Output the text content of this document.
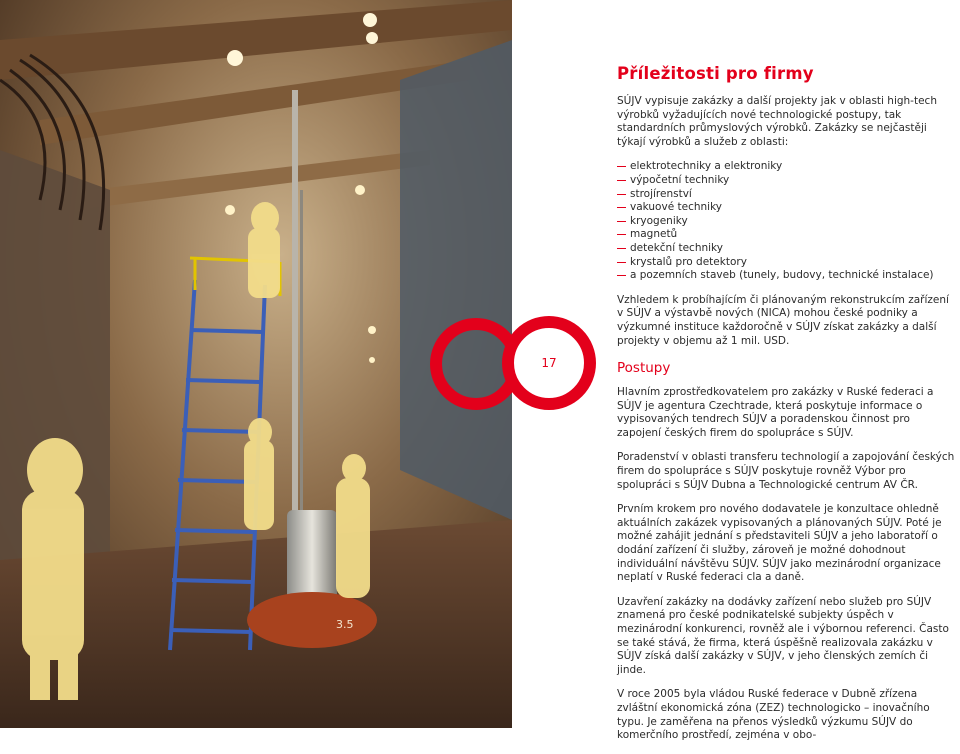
3.5
17
Příležitosti pro firmy

SÚJV vypisuje zakázky a další projekty jak v oblasti high-tech výrobků vyžadujících nové technologické postupy, tak standardních průmyslových výrobků. Zakázky se nejčastěji týkají výrobků a služeb z oblasti:

elektrotechniky a elektroniky
výpočetní techniky
strojírenství
vakuové techniky
kryogeniky
magnetů
detekční techniky
krystalů pro detektory
a pozemních staveb (tunely, budovy, technické instalace)

Vzhledem k probíhajícím či plánovaným rekonstrukcím zařízení v SÚJV a výstavbě nových (NICA) mohou české podniky a výzkumné instituce každoročně v SÚJV získat zakázky a další projekty v objemu až 1 mil. USD.

Postupy

Hlavním zprostředkovatelem pro zakázky v Ruské federaci a SÚJV je agentura Czechtrade, která poskytuje informace o vypisovaných tendrech SÚJV a poradenskou činnost pro zapojení českých firem do spolupráce s SÚJV.

Poradenství v oblasti transferu technologií a zapojování českých firem do spolupráce s SÚJV poskytuje rovněž Výbor pro spolupráci s SÚJV Dubna a Technologické centrum AV ČR.

Prvním krokem pro nového dodavatele je konzultace ohledně aktuálních zakázek vypisovaných a plánovaných SÚJV. Poté je možné zahájit jednání s představiteli SÚJV a jeho laboratoří o dodání zařízení či služby, zároveň je možné dohodnout individuální návštěvu SÚJV. SÚJV jako mezinárodní organizace neplatí v Ruské federaci cla a daně.

Uzavření zakázky na dodávky zařízení nebo služeb pro SÚJV znamená pro české podnikatelské subjekty úspěch v mezinárodní konkurenci, rovněž ale i výbornou referenci. Často se také stává, že firma, která úspěšně realizovala zakázku v SÚJV získá další zakázky v SÚJV, v jeho členských zemích či jinde.

V roce 2005 byla vládou Ruské federace v Dubně zřízena zvláštní ekonomická zóna (ZEZ) technologicko – inovačního typu. Je zaměřena na přenos výsledků výzkumu SÚJV do komerčního prostředí, zejména v obo-
